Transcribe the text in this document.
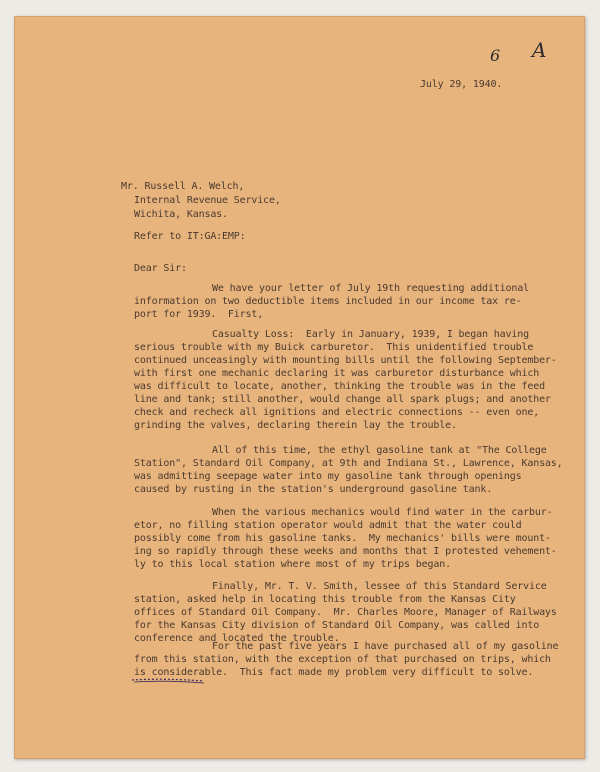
6 A
July 29, 1940.
Mr. Russell A. Welch,
Internal Revenue Service,
Wichita, Kansas.
Refer to IT:GA:EMP:
Dear Sir:
We have your letter of July 19th requesting additional
information on two deductible items included in our income tax re-
port for 1939.  First,
Casualty Loss:  Early in January, 1939, I began having
serious trouble with my Buick carburetor.  This unidentified trouble
continued unceasingly with mounting bills until the following September-
with first one mechanic declaring it was carburetor disturbance which
was difficult to locate, another, thinking the trouble was in the feed
line and tank; still another, would change all spark plugs; and another
check and recheck all ignitions and electric connections -- even one,
grinding the valves, declaring therein lay the trouble.
All of this time, the ethyl gasoline tank at "The College
Station", Standard Oil Company, at 9th and Indiana St., Lawrence, Kansas,
was admitting seepage water into my gasoline tank through openings
caused by rusting in the station's underground gasoline tank.
When the various mechanics would find water in the carbur-
etor, no filling station operator would admit that the water could
possibly come from his gasoline tanks.  My mechanics' bills were mount-
ing so rapidly through these weeks and months that I protested vehement-
ly to this local station where most of my trips began.
Finally, Mr. T. V. Smith, lessee of this Standard Service
station, asked help in locating this trouble from the Kansas City
offices of Standard Oil Company.  Mr. Charles Moore, Manager of Railways
for the Kansas City division of Standard Oil Company, was called into
conference and located the trouble.
For the past five years I have purchased all of my gasoline
from this station, with the exception of that purchased on trips, which
is considerable.  This fact made my problem very difficult to solve.
